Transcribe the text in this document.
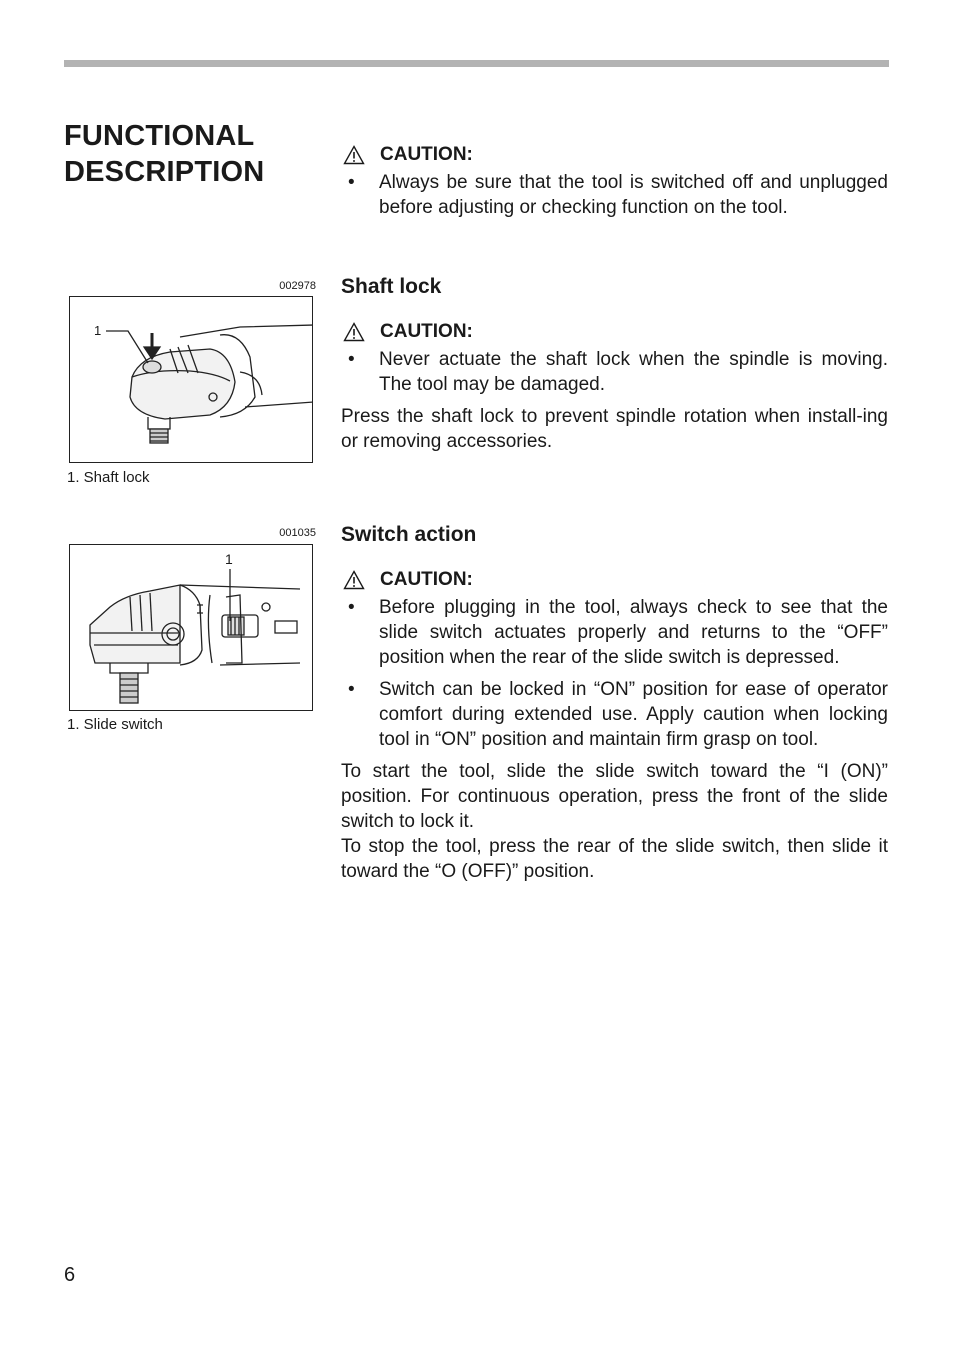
FUNCTIONAL
DESCRIPTION
CAUTION:
•	Always be sure that the tool is switched off and unplugged before adjusting or checking function on the tool.
Shaft lock
CAUTION:
•	Never actuate the shaft lock when the spindle is moving. The tool may be damaged.
Press the shaft lock to prevent spindle rotation when install-ing or removing accessories.
002978
1
1. Shaft lock
Switch action
CAUTION:
•	Before plugging in the tool, always check to see that the slide switch actuates properly and returns to the “OFF” position when the rear of the slide switch is depressed.
•	Switch can be locked in “ON” position for ease of operator comfort during extended use. Apply caution when locking tool in “ON” position and maintain firm grasp on tool.
To start the tool, slide the slide switch toward the “I (ON)” position. For continuous operation, press the front of the slide switch to lock it.
To stop the tool, press the rear of the slide switch, then slide it toward the “O (OFF)” position.
001035
1
1. Slide switch
6
